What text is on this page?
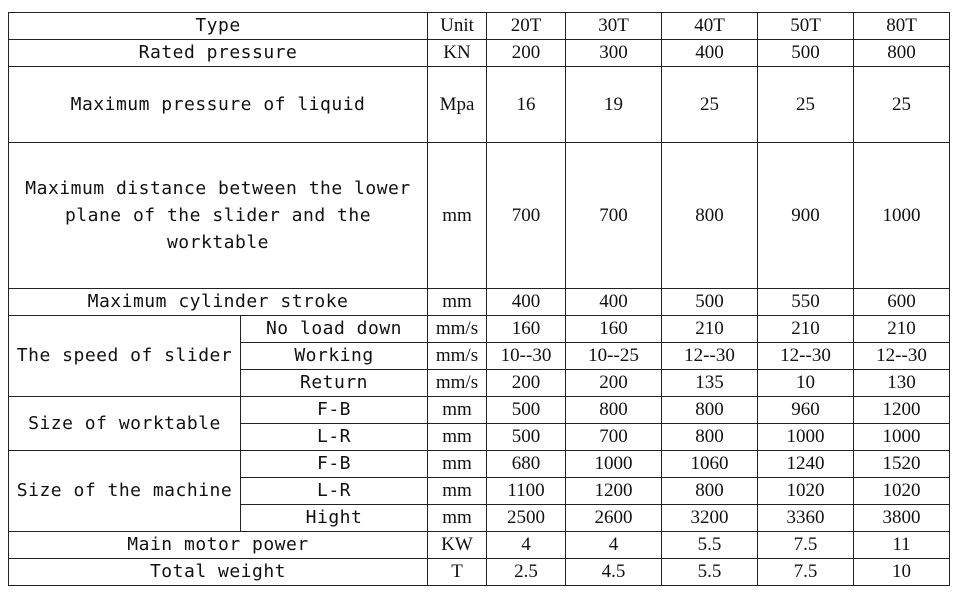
Type		Unit	20T	30T	40T	50T	80T
Rated pressure		KN	200	300	400	500	800
Maximum pressure of liquid		Mpa	16	19	25	25	25

Maximum distance between the lower
plane of the slider and the worktable		mm	700	700	800	900	1000
Maximum cylinder stroke		mm	400	400	500	550	600
The speed of slider	No load down	mm/s	160	160	210	210	210
	Working	mm/s	10--30	10--25	12--30	12--30	12--30
	Return	mm/s	200	200	135	10	130
Size of worktable	F-B	mm	500	800	800	960	1200
	L-R	mm	500	700	800	1000	1000
Size of the machine	F-B	mm	680	1000	1060	1240	1520
	L-R	mm	1100	1200	800	1020	1020
	Hight	mm	2500	2600	3200	3360	3800
Main motor power		KW	4	4	5.5	7.5	11
Total weight		T	2.5	4.5	5.5	7.5	10
